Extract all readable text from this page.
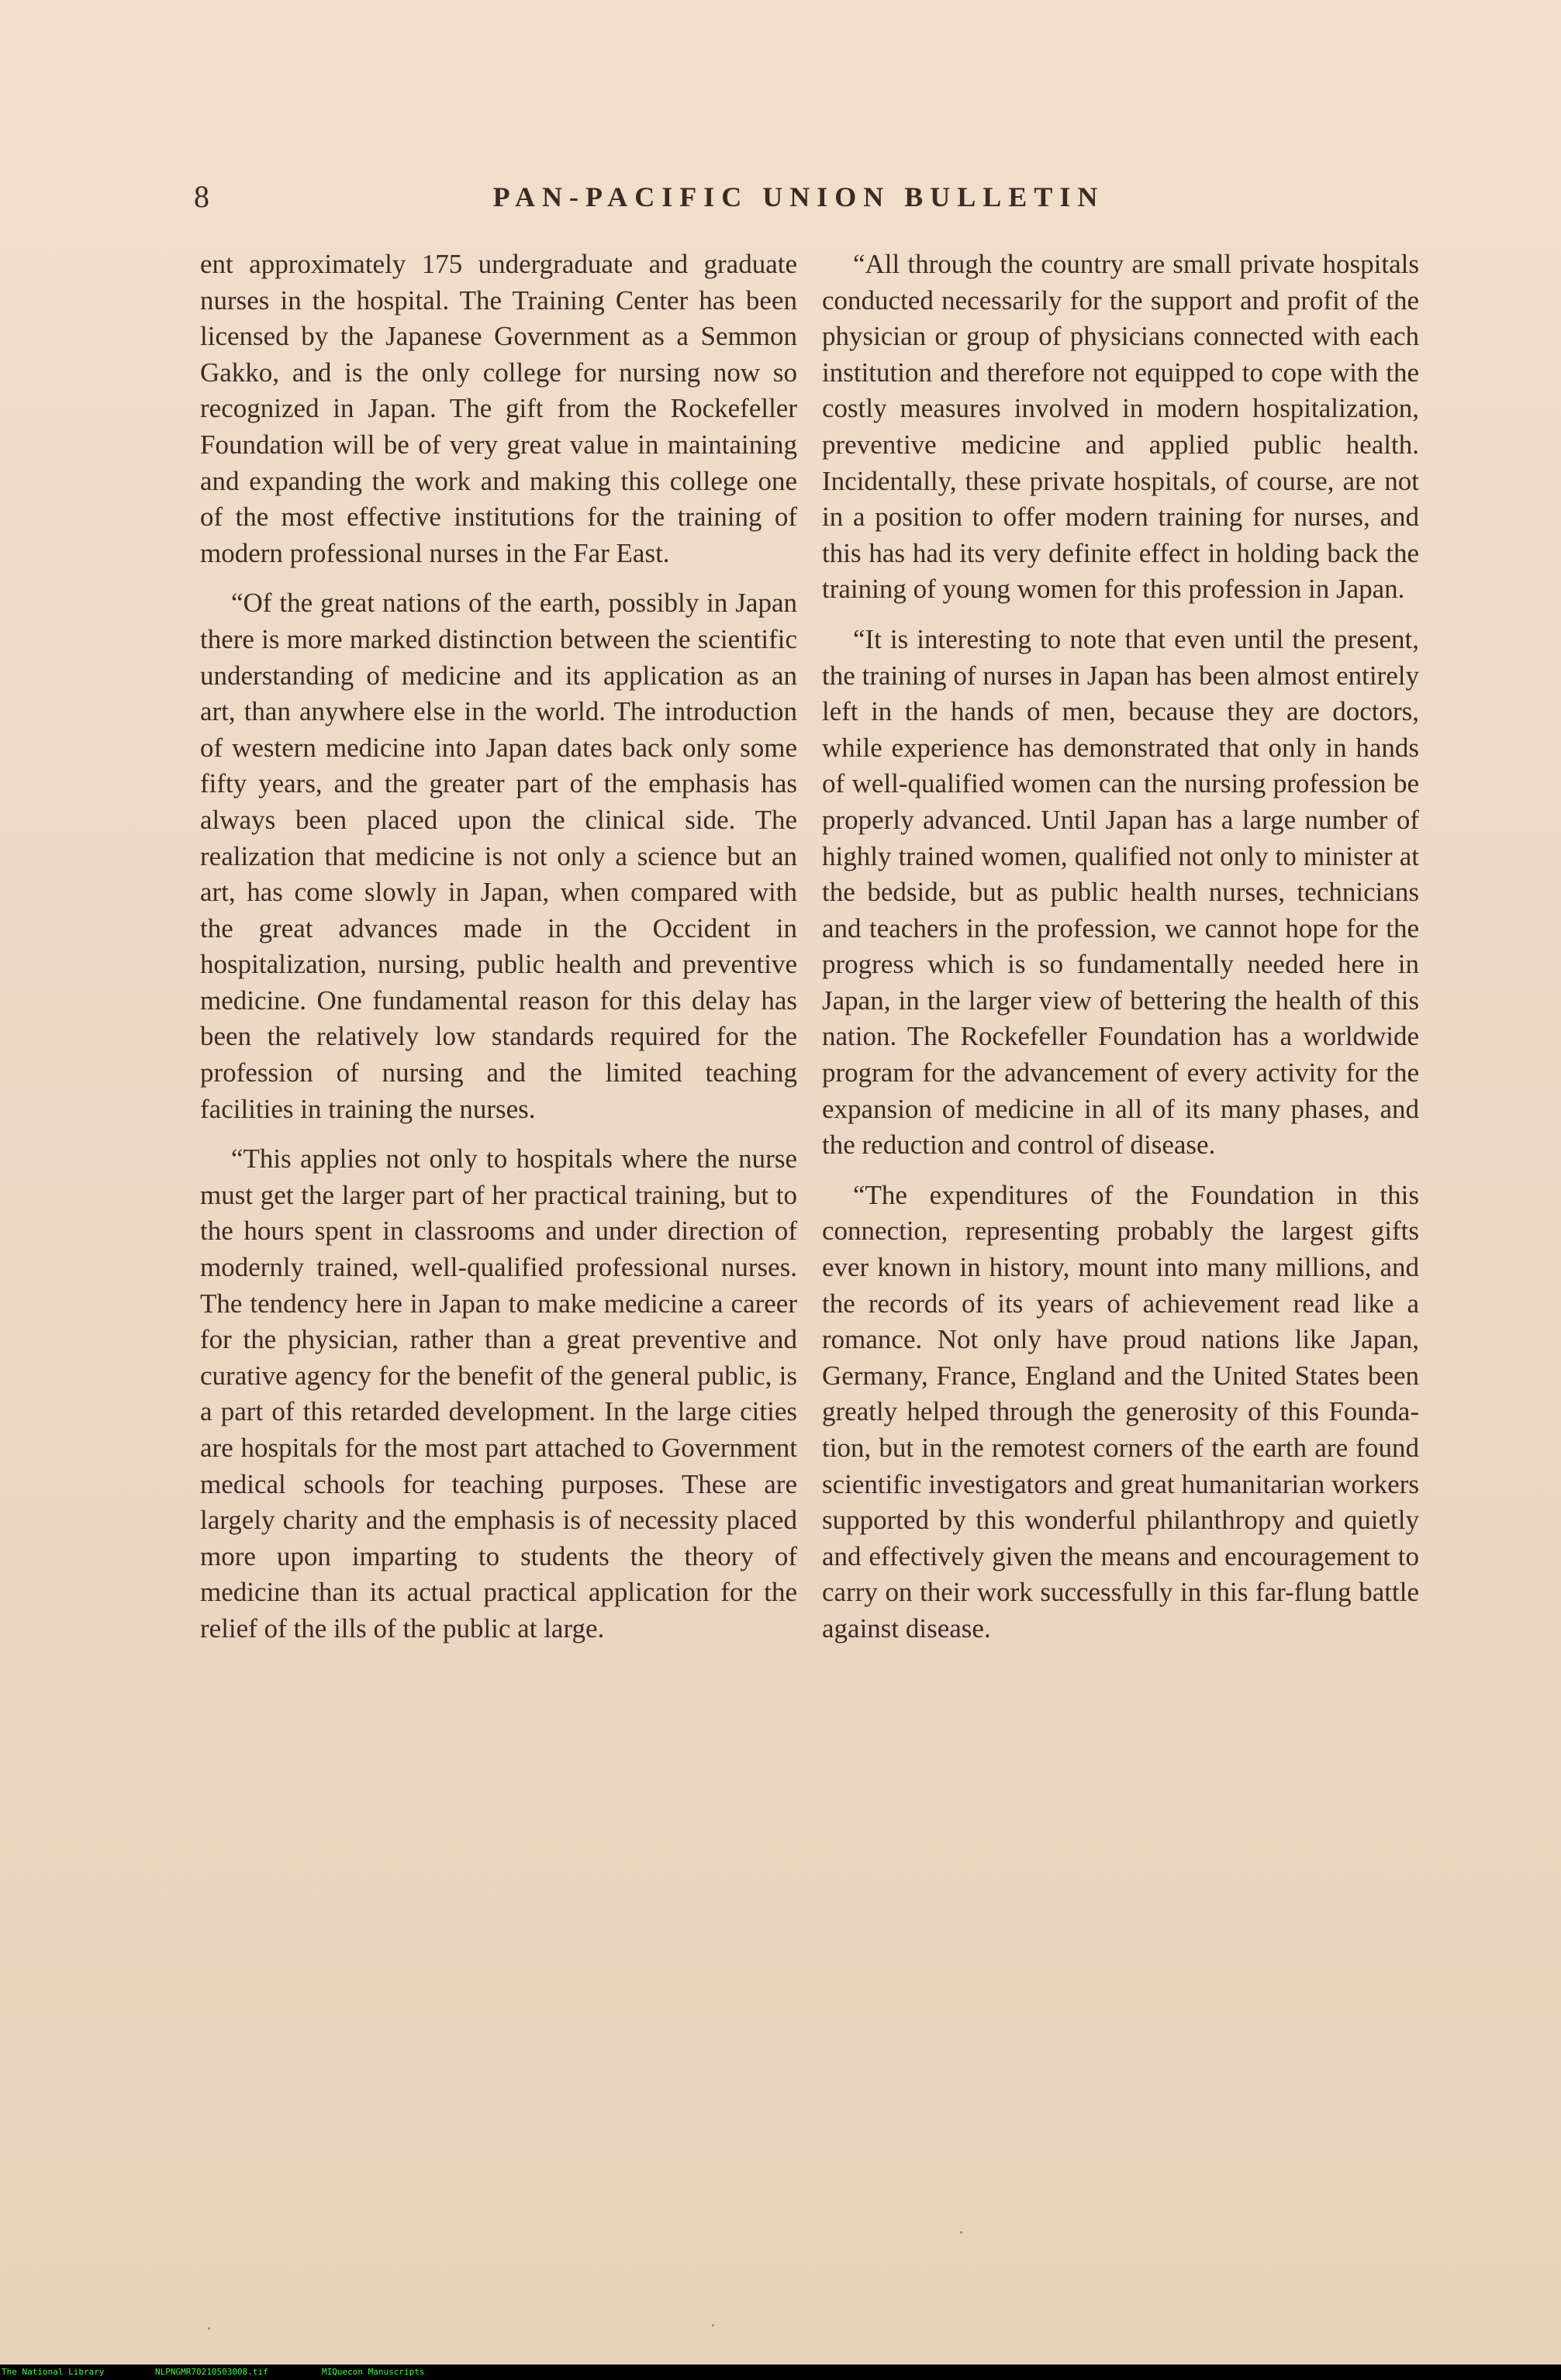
8	PAN-PACIFIC UNION BULLETIN

ent approximately 175 undergraduate and graduate nurses in the hospital. The Training Center has been licensed by the Japanese Government as a Semmon Gakko, and is the only college for nursing now so recognized in Japan. The gift from the Rockefeller Foundation will be of very great value in maintaining and expanding the work and making this college one of the most effective institutions for the training of modern professional nurses in the Far East.

“Of the great nations of the earth, possibly in Japan there is more marked distinction between the scientific understanding of medicine and its application as an art, than anywhere else in the world. The introduction of western medicine into Japan dates back only some fifty years, and the greater part of the emphasis has always been placed upon the clinical side. The realization that medicine is not only a science but an art, has come slowly in Japan, when compared with the great advances made in the Occident in hospitalization, nursing, public health and preventive medicine. One fundamental reason for this delay has been the relatively low standards required for the profession of nursing and the limited teaching facilities in training the nurses.

“This applies not only to hospitals where the nurse must get the larger part of her practical training, but to the hours spent in classrooms and under direction of modernly trained, well-qualified professional nurses. The tendency here in Japan to make medicine a career for the physician, rather than a great preventive and curative agency for the benefit of the general public, is a part of this retarded development. In the large cities are hospitals for the most part attached to Government medical schools for teaching purposes. These are largely charity and the emphasis is of necessity placed more upon imparting to students the theory of medicine than its actual practical application for the relief of the ills of the public at large.

“All through the country are small private hospitals conducted necessarily for the support and profit of the physician or group of physicians connected with each institution and therefore not equipped to cope with the costly measures involved in modern hospitalization, preventive medicine and applied public health. Incidentally, these private hospitals, of course, are not in a position to offer modern training for nurses, and this has had its very definite effect in holding back the training of young women for this profession in Japan.

“It is interesting to note that even until the present, the training of nurses in Japan has been almost entirely left in the hands of men, because they are doctors, while experience has demonstrated that only in hands of well-qualified women can the nursing profession be properly advanced. Until Japan has a large number of highly trained women, qualified not only to minister at the bedside, but as public health nurses, technicians and teachers in the profession, we cannot hope for the progress which is so fundamentally needed here in Japan, in the larger view of bettering the health of this nation. The Rockefeller Foundation has a worldwide program for the advancement of every activity for the expansion of medicine in all of its many phases, and the reduction and control of disease.

“The expenditures of the Foundation in this connection, representing probably the largest gifts ever known in history, mount into many millions, and the records of its years of achievement read like a romance. Not only have proud nations like Japan, Germany, France, England and the United States been greatly helped through the generosity of this Foundation, but in the remotest corners of the earth are found scientific investigators and great humanitarian workers supported by this wonderful philanthropy and quietly and effectively given the means and encouragement to carry on their work successfully in this far-flung battle against disease.

The National Library	NLPNGMR70210503008.tif	MIQuecon Manuscripts
